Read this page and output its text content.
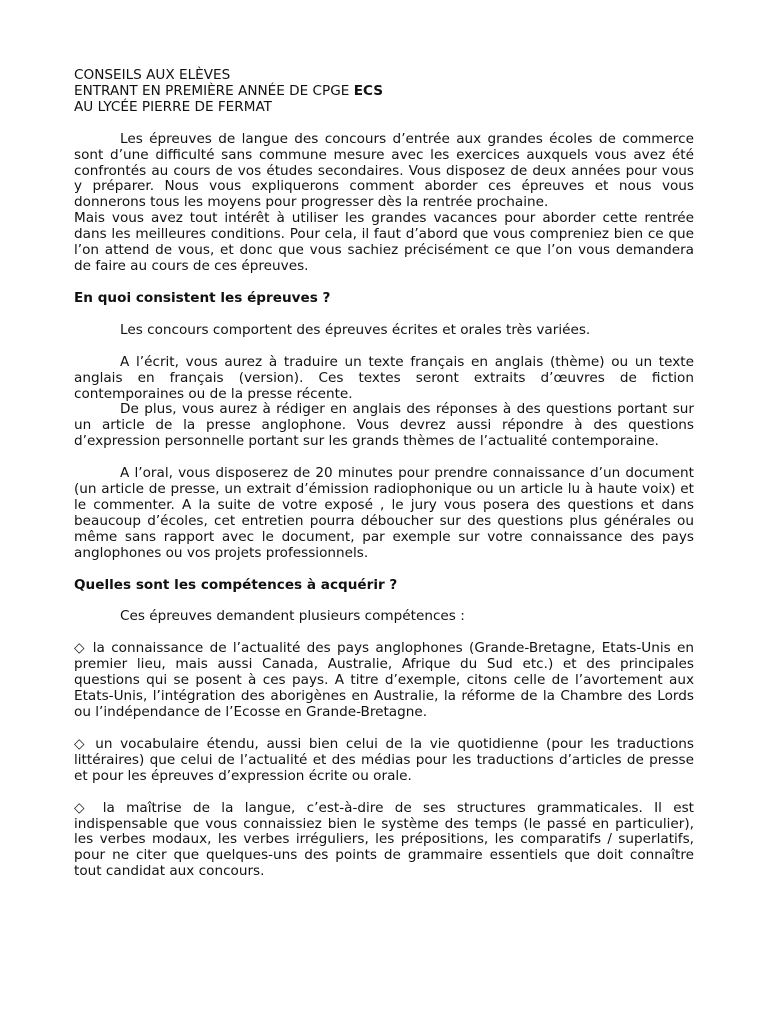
CONSEILS AUX ELÈVES
ENTRANT EN PREMIÈRE ANNÉE DE CPGE ECS
AU LYCÉE PIERRE DE FERMAT

Les épreuves de langue des concours d’entrée aux grandes écoles de commerce sont d’une difficulté sans commune mesure avec les exercices auxquels vous avez été confrontés au cours de vos études secondaires. Vous disposez de deux années pour vous y préparer. Nous vous expliquerons comment aborder ces épreuves et nous vous donnerons tous les moyens pour progresser dès la rentrée prochaine.

Mais vous avez tout intérêt à utiliser les grandes vacances pour aborder cette rentrée dans les meilleures conditions. Pour cela, il faut d’abord que vous compreniez bien ce que l’on attend de vous, et donc que vous sachiez précisément ce que l’on vous demandera de faire au cours de ces épreuves.

En quoi consistent les épreuves ?

Les concours comportent des épreuves écrites et orales très variées.

A l’écrit, vous aurez à traduire un texte français en anglais (thème) ou un texte anglais en français (version). Ces textes seront extraits d’œuvres de fiction contemporaines ou de la presse récente.

De plus, vous aurez à rédiger en anglais des réponses à des questions portant sur un article de la presse anglophone. Vous devrez aussi répondre à des questions d’expression personnelle portant sur les grands thèmes de l’actualité contemporaine.

A l’oral, vous disposerez de 20 minutes pour prendre connaissance d’un document (un article de presse, un extrait d’émission radiophonique ou un article lu à haute voix) et le commenter. A la suite de votre exposé , le jury vous posera des questions et dans beaucoup d’écoles, cet entretien pourra déboucher sur des questions plus générales ou même sans rapport avec le document, par exemple sur votre connaissance des pays anglophones ou vos projets professionnels.

Quelles sont les compétences à acquérir ?

Ces épreuves demandent plusieurs compétences :

◇ la connaissance de l’actualité des pays anglophones (Grande-Bretagne, Etats-Unis en premier lieu, mais aussi Canada, Australie, Afrique du Sud etc.) et des principales questions qui se posent à ces pays. A titre d’exemple, citons celle de l’avortement aux Etats-Unis, l’intégration des aborigènes en Australie, la réforme de la Chambre des Lords ou l’indépendance de l’Ecosse en Grande-Bretagne.

◇ un vocabulaire étendu, aussi bien celui de la vie quotidienne (pour les traductions littéraires) que celui de l’actualité et des médias pour les traductions d’articles de presse et pour les épreuves d’expression écrite ou orale.

◇ la maîtrise de la langue, c’est-à-dire de ses structures grammaticales. Il est indispensable que vous connaissiez bien le système des temps (le passé en particulier), les verbes modaux, les verbes irréguliers, les prépositions, les comparatifs / superlatifs, pour ne citer que quelques-uns des points de grammaire essentiels que doit connaître tout candidat aux concours.
